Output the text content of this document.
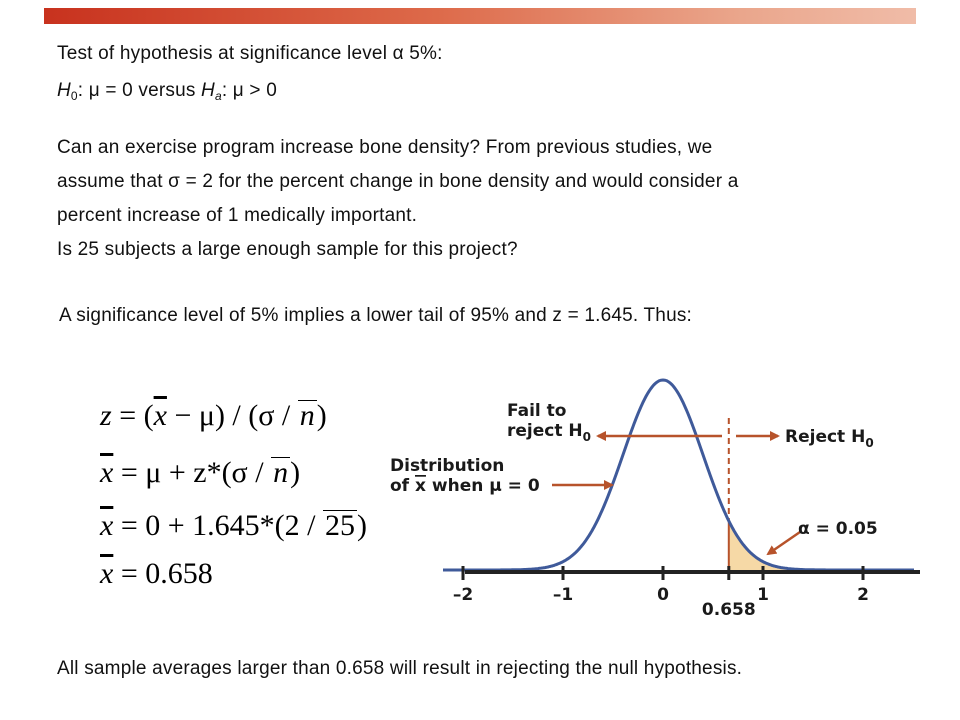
Test of hypothesis at significance level α 5%:
$H_0$: μ = 0 versus $H_a$: μ > 0
Can an exercise program increase bone density? From previous studies, we
assume that σ = 2 for the percent change in bone density and would consider a
percent increase of 1 medically important.
Is 25 subjects a large enough sample for this project?
A significance level of 5% implies a lower tail of 95% and z = 1.645. Thus:
$z = (\overline{x} - \mu) / (\sigma / n)$
$\overline{x} = \mu + z*(\sigma / n)$
$\overline{x} = 0 + 1.645*(2 / 25)$
$\overline{x} = 0.658$
–2	–1	0	1	2
0.658
Fail to
reject $H_0$	Reject $H_0$
Distribution
of x when μ = 0
α = 0.05
All sample averages larger than 0.658 will result in rejecting the null hypothesis.
